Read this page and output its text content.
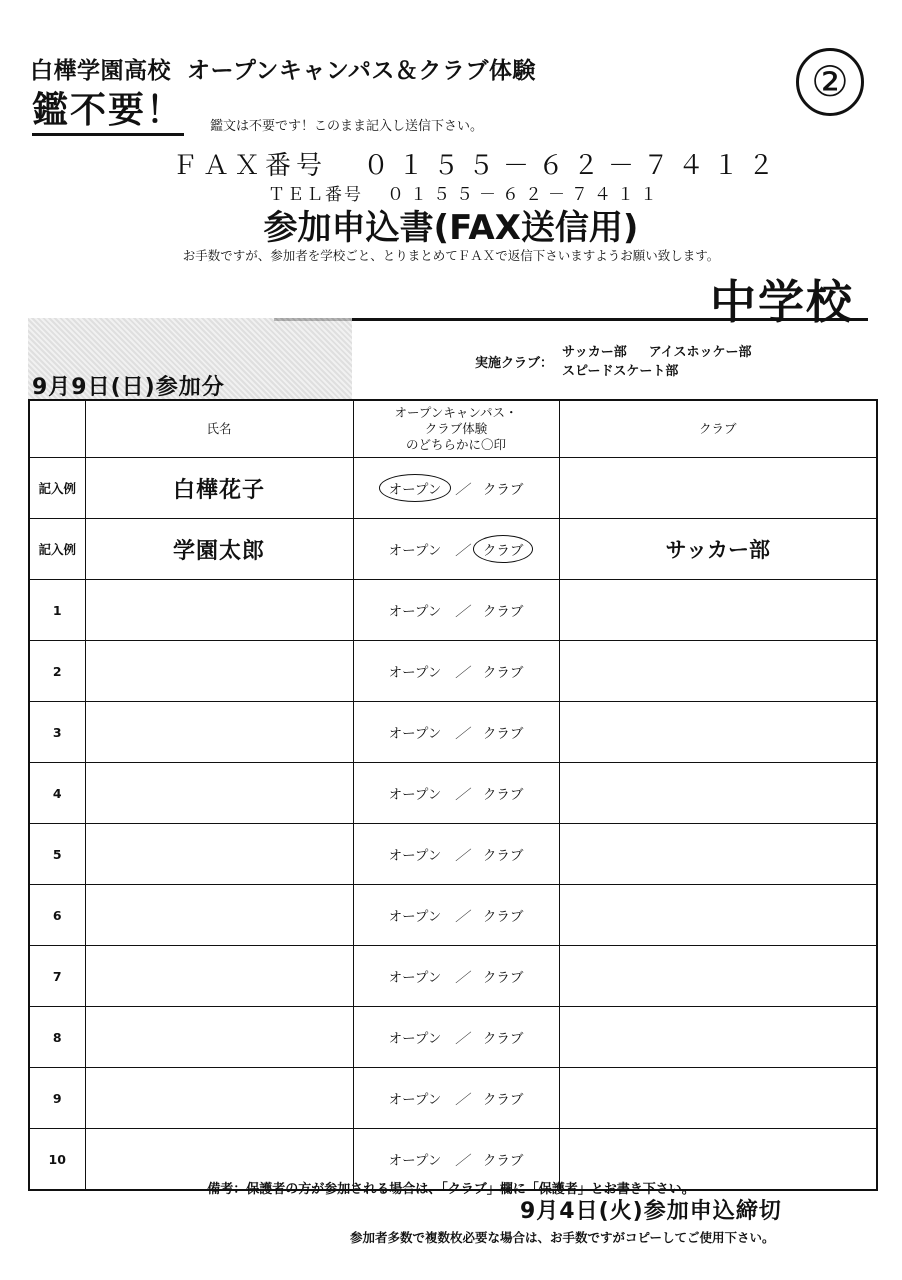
白樺学園高校 オープンキャンパス＆クラブ体験	②
鑑不要！ 鑑文は不要です！このまま記入し送信下さい。
ＦＡＸ番号 ０１５５－６２－７４１２
ＴＥＬ番号 ０１５５－６２－７４１１
参加申込書(FAX送信用)
お手数ですが、参加者を学校ごと、とりまとめてＦＡＸで返信下さいますようお願い致します。
中学校
9月9日(日)参加分
実施クラブ：
サッカー部 アイスホッケー部
スピードスケート部
	氏名	オープンキャンパス・
クラブ体験
のどちらかに〇印	クラブ
記入例	白樺花子	オープン ／ クラブ	
記入例	学園太郎	オープン ／ クラブ	サッカー部
1		オープン ／ クラブ	
2		オープン ／ クラブ	
3		オープン ／ クラブ	
4		オープン ／ クラブ	
5		オープン ／ クラブ	
6		オープン ／ クラブ	
7		オープン ／ クラブ	
8		オープン ／ クラブ	
9		オープン ／ クラブ	
10		オープン ／ クラブ	
備考：保護者の方が参加される場合は、「クラブ」欄に「保護者」とお書き下さい。
9月4日(火)参加申込締切
参加者多数で複数枚必要な場合は、お手数ですがコピーしてご使用下さい。
